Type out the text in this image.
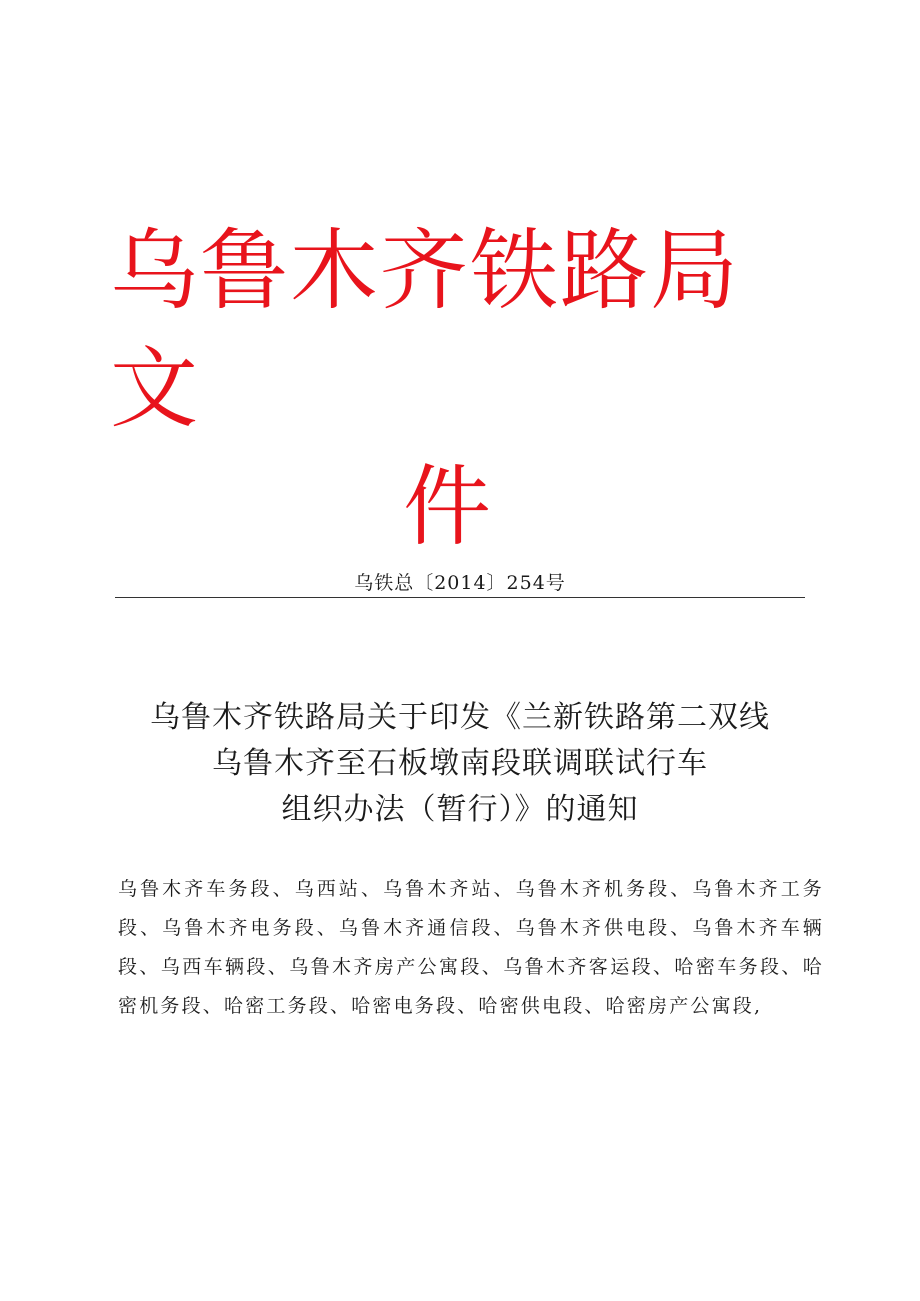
乌鲁木齐铁路局文
件
乌铁总〔2014〕254号
乌鲁木齐铁路局关于印发《兰新铁路第二双线
乌鲁木齐至石板墩南段联调联试行车
组织办法（暂行）》的通知
乌鲁木齐车务段、乌西站、乌鲁木齐站、乌鲁木齐机务段、乌鲁木齐工务段、乌鲁木齐电务段、乌鲁木齐通信段、乌鲁木齐供电段、乌鲁木齐车辆段、乌西车辆段、乌鲁木齐房产公寓段、乌鲁木齐客运段、哈密车务段、哈密机务段、哈密工务段、哈密电务段、哈密供电段、哈密房产公寓段,
